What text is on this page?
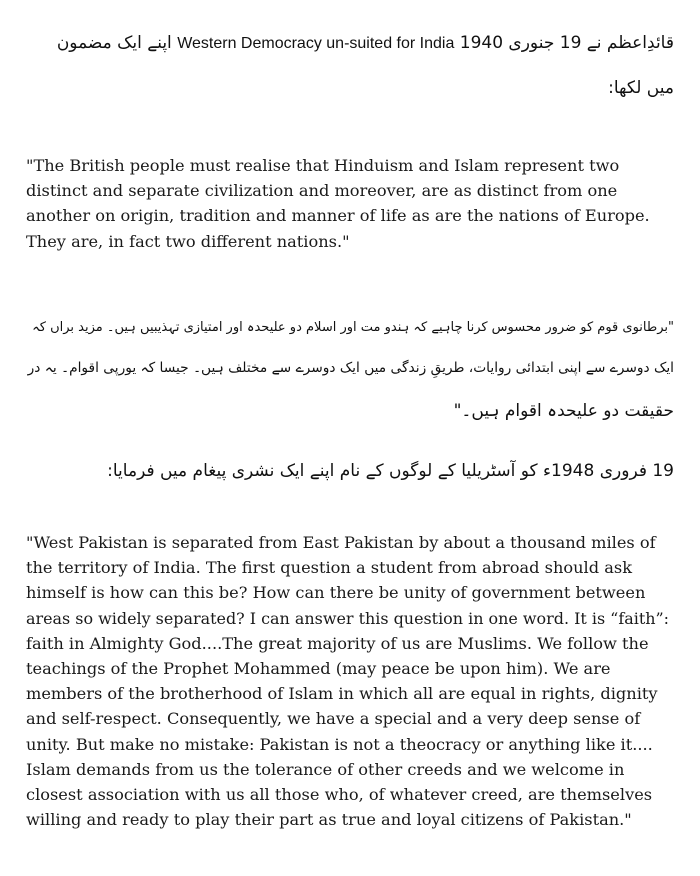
قائدِاعظم نے 19 جنوری 1940 Western Democracy un-suited for India اپنے ایک مضمون
میں لکھا:
"The British people must realise that Hinduism and Islam represent two
distinct and separate civilization and moreover, are as distinct from one
another on origin, tradition and manner of life as are the nations of Europe.
They are, in fact two different nations."
"برطانوی قوم کو ضرور محسوس کرنا چاہیے کہ ہندو مت اور اسلام دو علیحدہ اور امتیازی تہذیبیں ہیں۔ مزید براں کہ
ایک دوسرے سے اپنی ابتدائی روایات، طریقِ زندگی میں ایک دوسرے سے مختلف ہیں۔ جیسا کہ یورپی اقوام۔ یہ در
حقیقت دو علیحدہ اقوام ہیں۔"
19 فروری 1948ء کو آسٹریلیا کے لوگوں کے نام اپنے ایک نشری پیغام میں فرمایا:
"West Pakistan is separated from East Pakistan by about a thousand miles of
the territory of India. The first question a student from abroad should ask
himself is how can this be? How can there be unity of government between
areas so widely separated? I can answer this question in one word. It is “faith”:
faith in Almighty God....The great majority of us are Muslims. We follow the
teachings of the Prophet Mohammed (may peace be upon him). We are
members of the brotherhood of Islam in which all are equal in rights, dignity
and self-respect. Consequently, we have a special and a very deep sense of
unity. But make no mistake: Pakistan is not a theocracy or anything like it....
Islam demands from us the tolerance of other creeds and we welcome in
closest association with us all those who, of whatever creed, are themselves
willing and ready to play their part as true and loyal citizens of Pakistan."
